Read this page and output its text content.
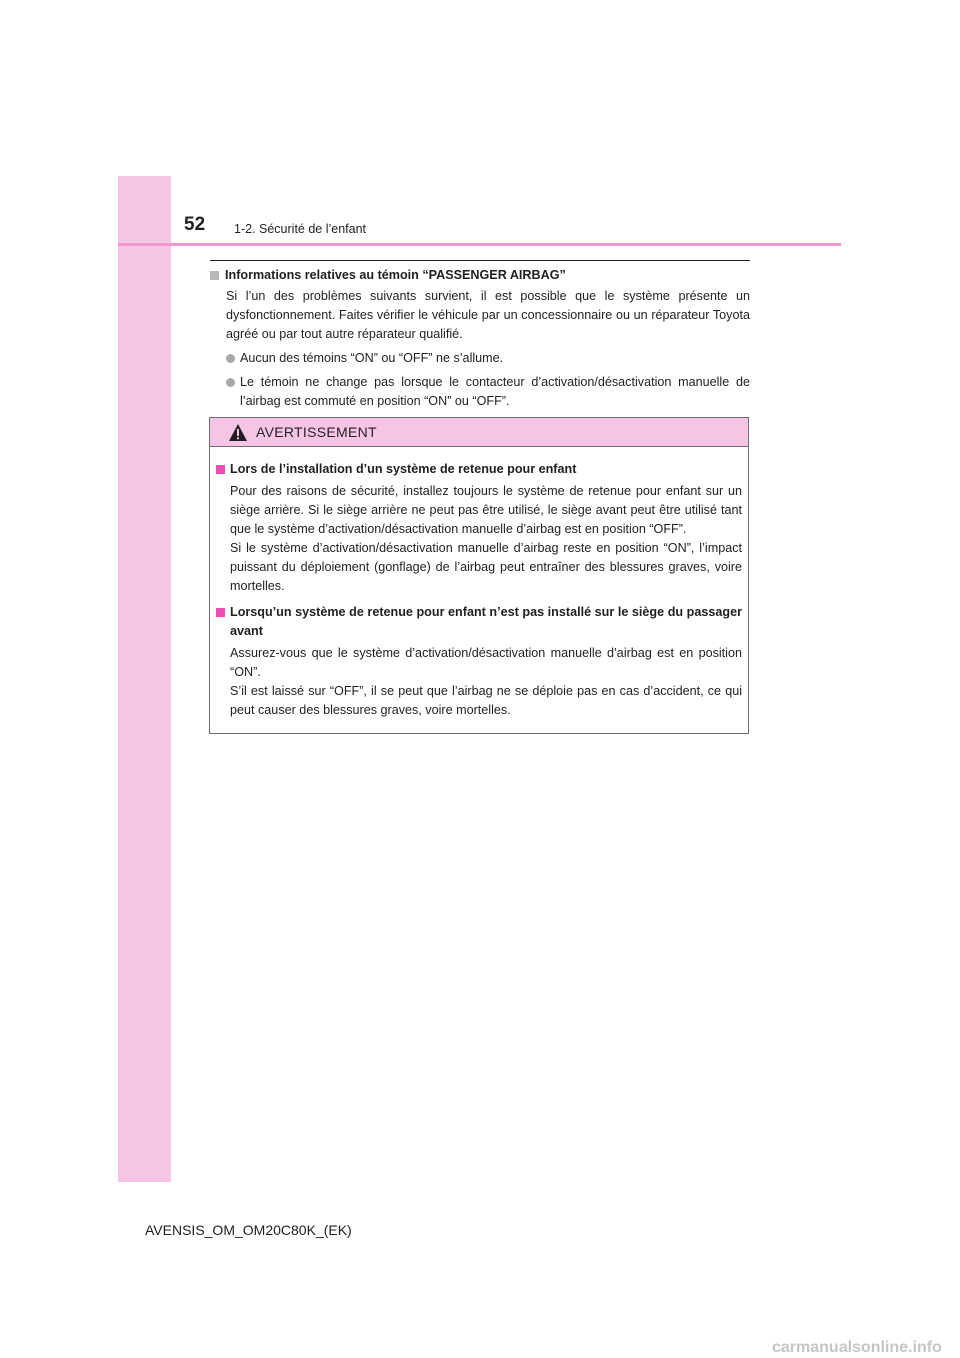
52 1-2. Sécurité de l’enfant
Informations relatives au témoin “PASSENGER AIRBAG”

Si l’un des problèmes suivants survient, il est possible que le système présente un dysfonctionnement. Faites vérifier le véhicule par un concessionnaire ou un réparateur Toyota agréé ou par tout autre réparateur qualifié.

Aucun des témoins “ON” ou “OFF” ne s’allume.
Le témoin ne change pas lorsque le contacteur d’activation/désactivation manuelle de l’airbag est commuté en position “ON” ou “OFF”.
AVERTISSEMENT
Lors de l’installation d’un système de retenue pour enfant
Pour des raisons de sécurité, installez toujours le système de retenue pour enfant sur un siège arrière. Si le siège arrière ne peut pas être utilisé, le siège avant peut être utilisé tant que le système d’activation/désactivation manuelle d’airbag est en position “OFF”.
Si le système d’activation/désactivation manuelle d’airbag reste en position “ON”, l’impact puissant du déploiement (gonflage) de l’airbag peut entraîner des blessures graves, voire mortelles.
Lorsqu’un système de retenue pour enfant n’est pas installé sur le siège du passager avant
Assurez-vous que le système d’activation/désactivation manuelle d’airbag est en position “ON”.
S’il est laissé sur “OFF”, il se peut que l’airbag ne se déploie pas en cas d’accident, ce qui peut causer des blessures graves, voire mortelles.
AVENSIS_OM_OM20C80K_(EK)
carmanualsonline.info
